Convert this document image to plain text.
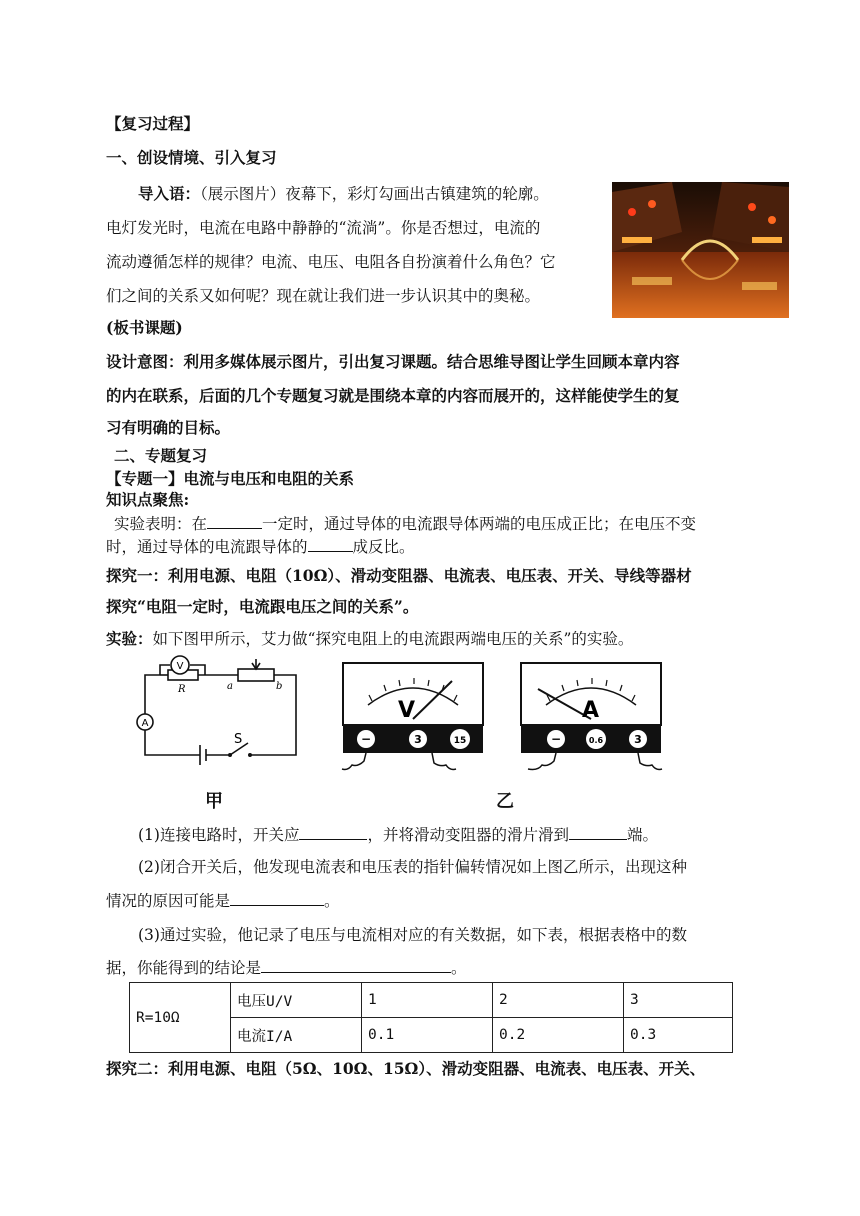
【复习过程】
一、创设情境、引入复习
导入语：（展示图片）夜幕下，彩灯勾画出古镇建筑的轮廓。
电灯发光时，电流在电路中静静的“流淌”。你是否想过，电流的
流动遵循怎样的规律？电流、电压、电阻各自扮演着什么角色？它
们之间的关系又如何呢？现在就让我们进一步认识其中的奥秘。
(板书课题)
设计意图：利用多媒体展示图片，引出复习课题。结合思维导图让学生回顾本章内容
的内在联系，后面的几个专题复习就是围绕本章的内容而展开的，这样能使学生的复
习有明确的目标。
二、专题复习
【专题一】电流与电压和电阻的关系
知识点聚焦:
实验表明：在	一定时，通过导体的电流跟导体两端的电压成正比；在电压不变
时，通过导体的电流跟导体的	成反比。
探究一：利用电源、电阻（10Ω）、滑动变阻器、电流表、电压表、开关、导线等器材
探究“电阻一定时，电流跟电压之间的关系”。
实验：如下图甲所示，艾力做“探究电阻上的电流跟两端电压的关系”的实验。
V
A
R	a	b
S
V
−	3	15
A
−	0.6	3
甲	乙
(1)连接电路时，开关应	，并将滑动变阻器的滑片滑到	端。
(2)闭合开关后，他发现电流表和电压表的指针偏转情况如上图乙所示，出现这种
情况的原因可能是	。
(3)通过实验，他记录了电压与电流相对应的有关数据，如下表，根据表格中的数
据，你能得到的结论是	。
R=10Ω	电压U/V	1	2	3
	电流I/A	0.1	0.2	0.3
探究二：利用电源、电阻（5Ω、10Ω、15Ω）、滑动变阻器、电流表、电压表、开关、
